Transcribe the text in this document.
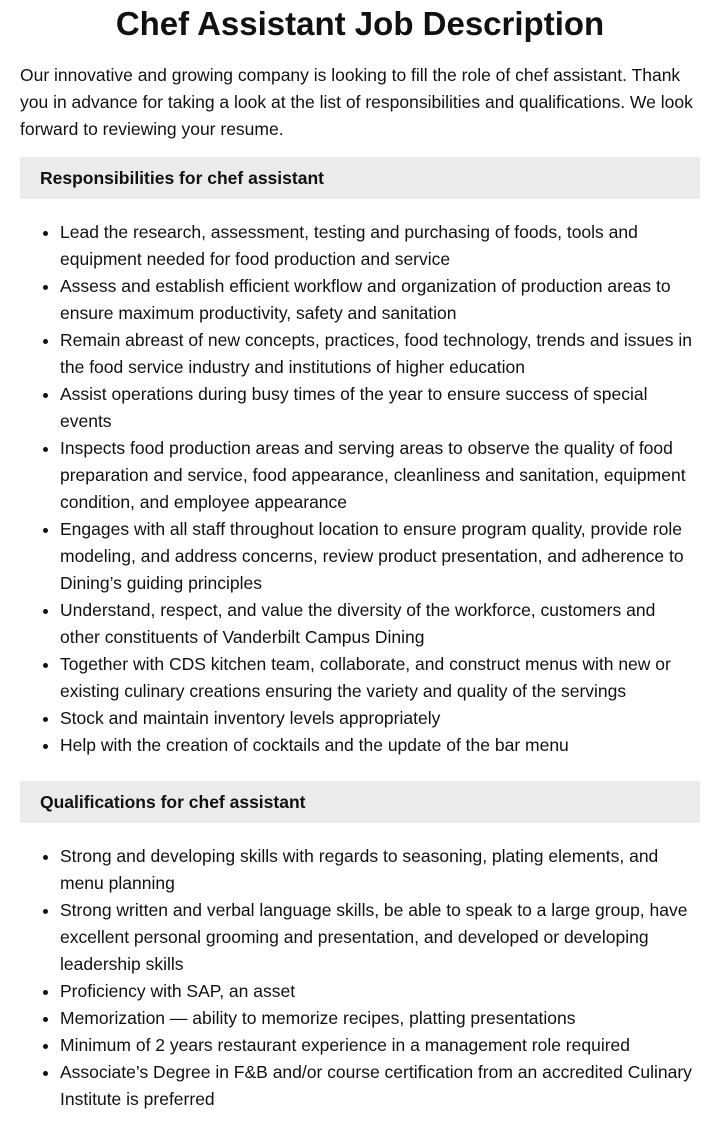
Chef Assistant Job Description

Our innovative and growing company is looking to fill the role of chef assistant. Thank you in advance for taking a look at the list of responsibilities and qualifications. We look forward to reviewing your resume.

Responsibilities for chef assistant
• Lead the research, assessment, testing and purchasing of foods, tools and equipment needed for food production and service
• Assess and establish efficient workflow and organization of production areas to ensure maximum productivity, safety and sanitation
• Remain abreast of new concepts, practices, food technology, trends and issues in the food service industry and institutions of higher education
• Assist operations during busy times of the year to ensure success of special events
• Inspects food production areas and serving areas to observe the quality of food preparation and service, food appearance, cleanliness and sanitation, equipment condition, and employee appearance
• Engages with all staff throughout location to ensure program quality, provide role modeling, and address concerns, review product presentation, and adherence to Dining’s guiding principles
• Understand, respect, and value the diversity of the workforce, customers and other constituents of Vanderbilt Campus Dining
• Together with CDS kitchen team, collaborate, and construct menus with new or existing culinary creations ensuring the variety and quality of the servings
• Stock and maintain inventory levels appropriately
• Help with the creation of cocktails and the update of the bar menu
Qualifications for chef assistant
• Strong and developing skills with regards to seasoning, plating elements, and menu planning
• Strong written and verbal language skills, be able to speak to a large group, have excellent personal grooming and presentation, and developed or developing leadership skills
• Proficiency with SAP, an asset
• Memorization — ability to memorize recipes, platting presentations
• Minimum of 2 years restaurant experience in a management role required
• Associate’s Degree in F&B and/or course certification from an accredited Culinary Institute is preferred
